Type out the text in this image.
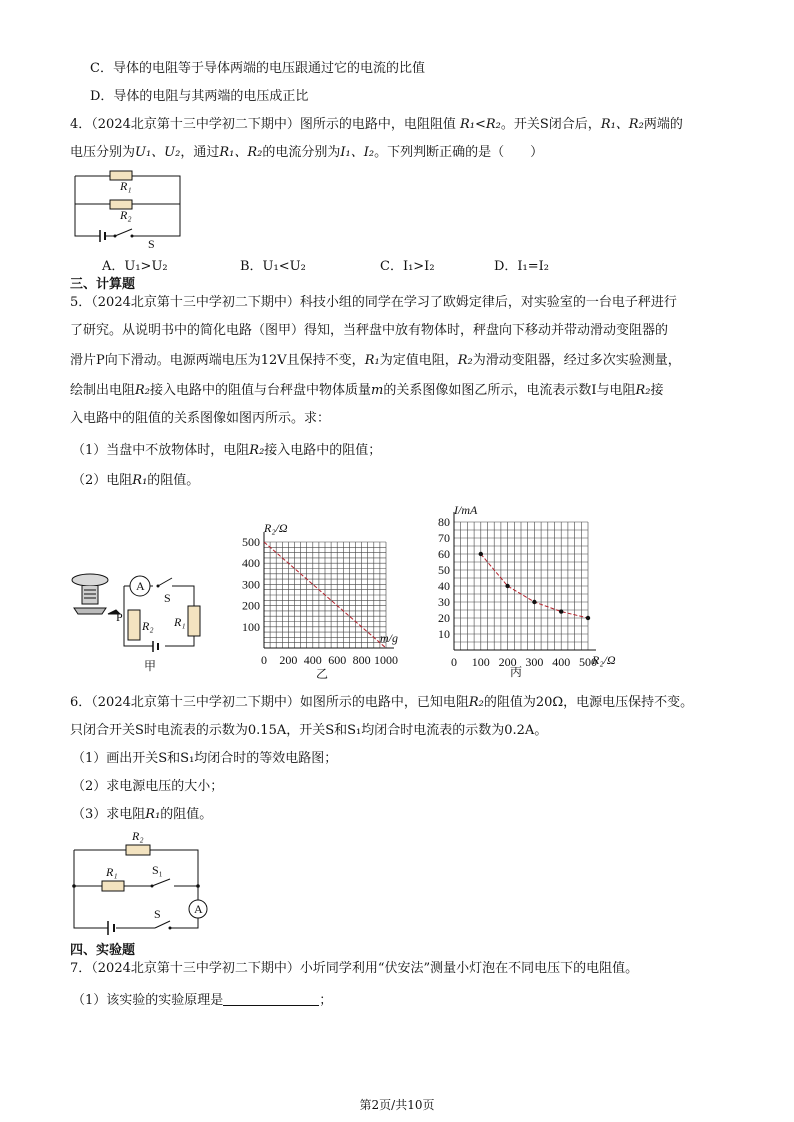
C．导体的电阻等于导体两端的电压跟通过它的电流的比值
D．导体的电阻与其两端的电压成正比
4．（2024北京第十三中学初二下期中）图所示的电路中，电阻阻值 R₁<R₂。开关S闭合后，R₁、R₂两端的
电压分别为U₁、U₂，通过R₁、R₂的电流分别为I₁、I₂。下列判断正确的是（　　）
R₁
R₂
S
A．U₁>U₂	B．U₁<U₂	C．I₁>I₂	D．I₁=I₂
三、计算题
5．（2024北京第十三中学初二下期中）科技小组的同学在学习了欧姆定律后，对实验室的一台电子秤进行
了研究。从说明书中的简化电路（图甲）得知，当秤盘中放有物体时，秤盘向下移动并带动滑动变阻器的
滑片P向下滑动。电源两端电压为12V且保持不变，R₁为定值电阻，R₂为滑动变阻器，经过多次实验测量，
绘制出电阻R₂接入电路中的阻值与台秤盘中物体质量m的关系图像如图乙所示，电流表示数I与电阻R₂接
入电路中的阻值的关系图像如图丙所示。求：
（1）当盘中不放物体时，电阻R₂接入电路中的阻值；
（2）电阻R₁的阻值。
A
S
P
R₂ R₁
甲	0 200 400 600 800 1000
100
200
300
400
500
R₂/Ω
m/g
乙
0 100 200 300 400 500
10
20
30
40
50
60
70
80
I/mA
R₂/Ω
丙
6．（2024北京第十三中学初二下期中）如图所示的电路中，已知电阻R₂的阻值为20Ω，电源电压保持不变。
只闭合开关S时电流表的示数为0.15A，开关S和S₁均闭合时电流表的示数为0.2A。
（1）画出开关S和S₁均闭合时的等效电路图；
（2）求电源电压的大小；
（3）求电阻R₁的阻值。
R₂
R₁	S₁
S	A
四、实验题
7．（2024北京第十三中学初二下期中）小圻同学利用“伏安法”测量小灯泡在不同电压下的电阻值。
（1）该实验的实验原理是	；
第2页/共10页
